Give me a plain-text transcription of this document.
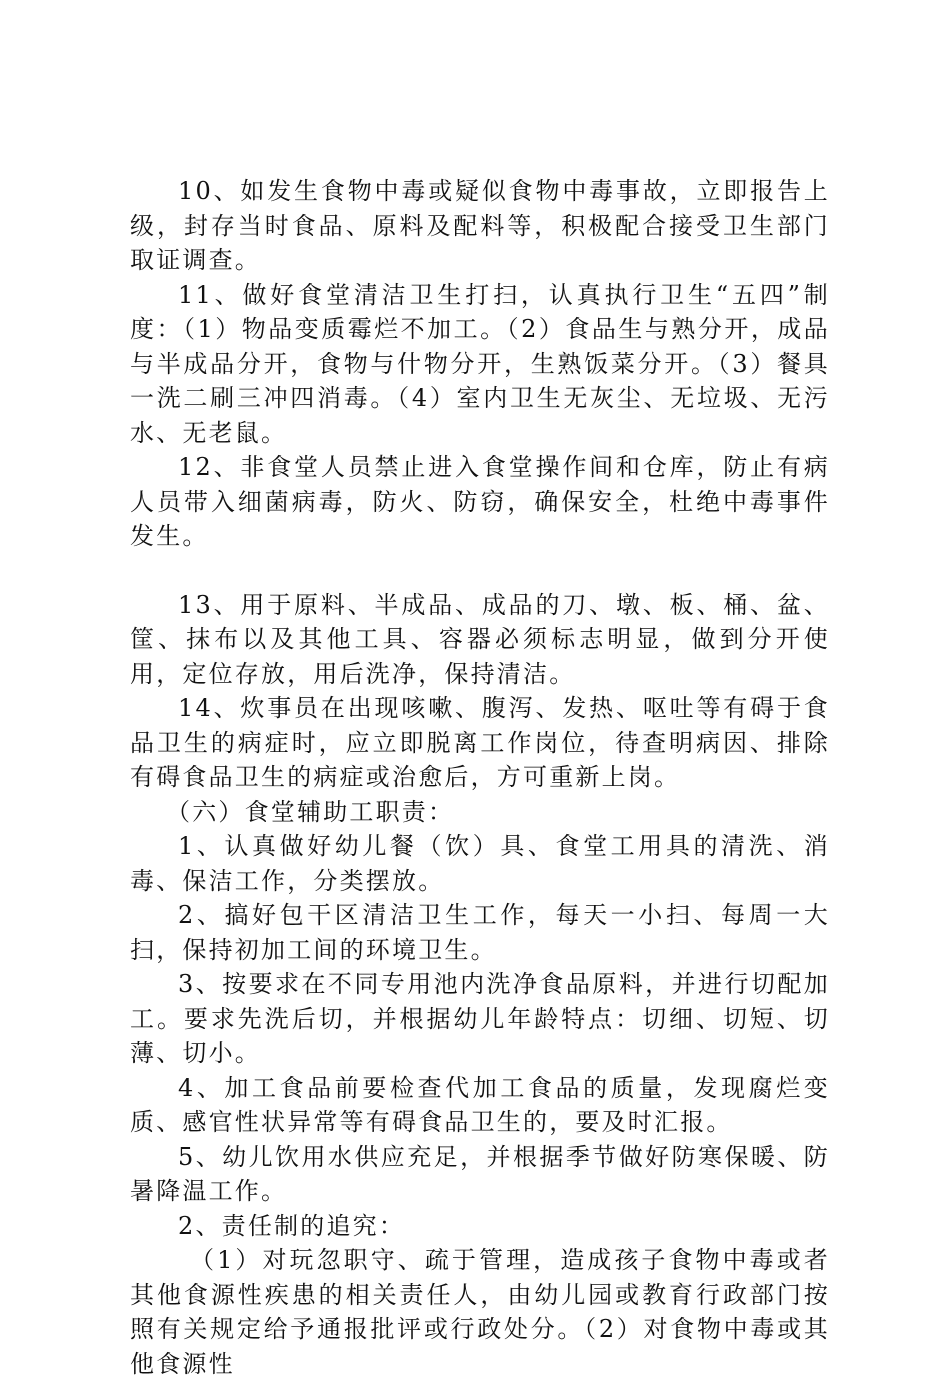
10、如发生食物中毒或疑似食物中毒事故，立即报告上级，封存当时食品、原料及配料等，积极配合接受卫生部门取证调查。

11、做好食堂清洁卫生打扫，认真执行卫生“五四”制度：（1）物品变质霉烂不加工。（2）食品生与熟分开，成品与半成品分开，食物与什物分开，生熟饭菜分开。（3）餐具一洗二刷三冲四消毒。（4）室内卫生无灰尘、无垃圾、无污水、无老鼠。

12、非食堂人员禁止进入食堂操作间和仓库，防止有病人员带入细菌病毒，防火、防窃，确保安全，杜绝中毒事件发生。

13、用于原料、半成品、成品的刀、墩、板、桶、盆、筐、抹布以及其他工具、容器必须标志明显，做到分开使用，定位存放，用后洗净，保持清洁。

14、炊事员在出现咳嗽、腹泻、发热、呕吐等有碍于食品卫生的病症时，应立即脱离工作岗位，待查明病因、排除有碍食品卫生的病症或治愈后，方可重新上岗。

（六）食堂辅助工职责：

1、认真做好幼儿餐（饮）具、食堂工用具的清洗、消毒、保洁工作，分类摆放。

2、搞好包干区清洁卫生工作，每天一小扫、每周一大扫，保持初加工间的环境卫生。

3、按要求在不同专用池内洗净食品原料，并进行切配加工。要求先洗后切，并根据幼儿年龄特点：切细、切短、切薄、切小。

4、加工食品前要检查代加工食品的质量，发现腐烂变质、感官性状异常等有碍食品卫生的，要及时汇报。

5、幼儿饮用水供应充足，并根据季节做好防寒保暖、防暑降温工作。

2、责任制的追究：

（1）对玩忽职守、疏于管理，造成孩子食物中毒或者其他食源性疾患的相关责任人，由幼儿园或教育行政部门按照有关规定给予通报批评或行政处分。（2）对食物中毒或其他食源性
